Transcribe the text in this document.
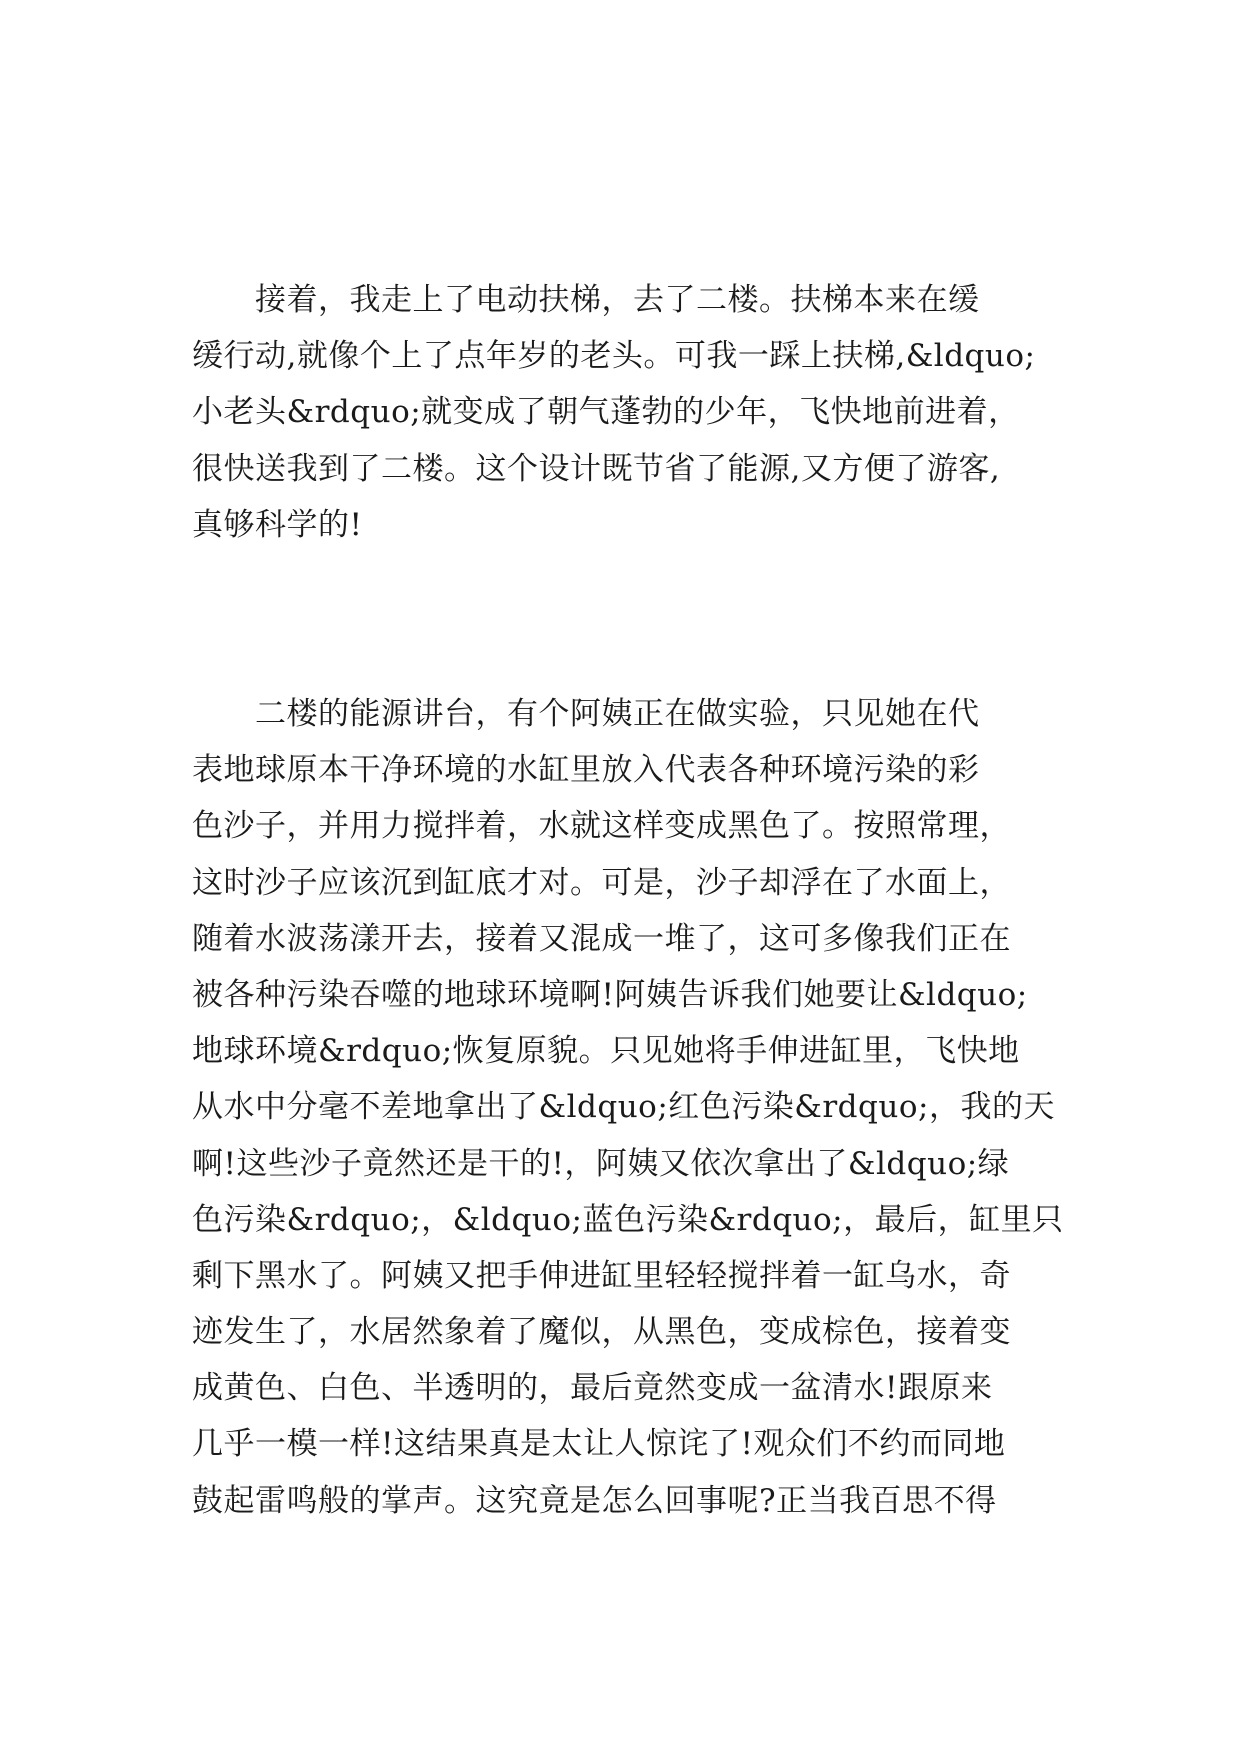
　　接着，我走上了电动扶梯，去了二楼。扶梯本来在缓
缓行动,就像个上了点年岁的老头。可我一踩上扶梯,&ldquo;
小老头&rdquo;就变成了朝气蓬勃的少年，飞快地前进着，
很快送我到了二楼。这个设计既节省了能源,又方便了游客,
真够科学的!
　　二楼的能源讲台，有个阿姨正在做实验，只见她在代
表地球原本干净环境的水缸里放入代表各种环境污染的彩
色沙子，并用力搅拌着，水就这样变成黑色了。按照常理，
这时沙子应该沉到缸底才对。可是，沙子却浮在了水面上，
随着水波荡漾开去，接着又混成一堆了，这可多像我们正在
被各种污染吞噬的地球环境啊!阿姨告诉我们她要让&ldquo;
地球环境&rdquo;恢复原貌。只见她将手伸进缸里，飞快地
从水中分毫不差地拿出了&ldquo;红色污染&rdquo;，我的天
啊!这些沙子竟然还是干的!，阿姨又依次拿出了&ldquo;绿
色污染&rdquo;，&ldquo;蓝色污染&rdquo;，最后，缸里只
剩下黑水了。阿姨又把手伸进缸里轻轻搅拌着一缸乌水，奇
迹发生了，水居然象着了魔似，从黑色，变成棕色，接着变
成黄色、白色、半透明的，最后竟然变成一盆清水!跟原来
几乎一模一样!这结果真是太让人惊诧了!观众们不约而同地
鼓起雷鸣般的掌声。这究竟是怎么回事呢?正当我百思不得
